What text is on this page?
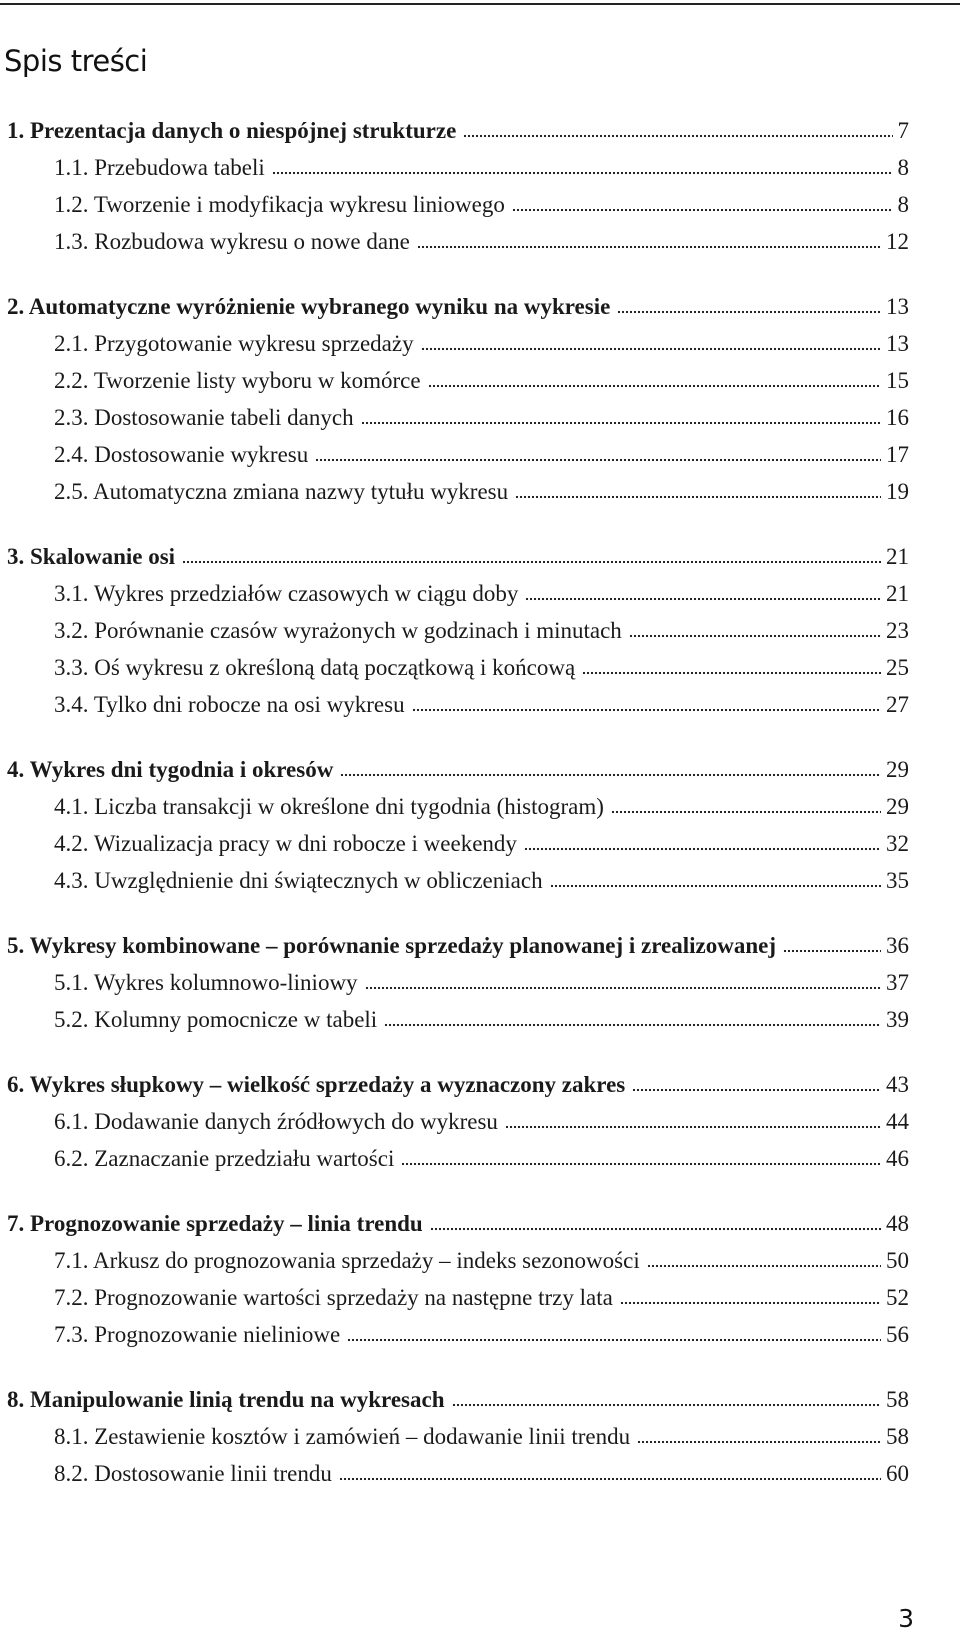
Spis treści
1. Prezentacja danych o niespójnej strukturze	7
1.1. Przebudowa tabeli	8
1.2. Tworzenie i modyfikacja wykresu liniowego	8
1.3. Rozbudowa wykresu o nowe dane	12
2. Automatyczne wyróżnienie wybranego wyniku na wykresie	13
2.1. Przygotowanie wykresu sprzedaży	13
2.2. Tworzenie listy wyboru w komórce	15
2.3. Dostosowanie tabeli danych	16
2.4. Dostosowanie wykresu	17
2.5. Automatyczna zmiana nazwy tytułu wykresu	19
3. Skalowanie osi	21
3.1. Wykres przedziałów czasowych w ciągu doby	21
3.2. Porównanie czasów wyrażonych w godzinach i minutach	23
3.3. Oś wykresu z określoną datą początkową i końcową	25
3.4. Tylko dni robocze na osi wykresu	27
4. Wykres dni tygodnia i okresów	29
4.1. Liczba transakcji w określone dni tygodnia (histogram)	29
4.2. Wizualizacja pracy w dni robocze i weekendy	32
4.3. Uwzględnienie dni świątecznych w obliczeniach	35
5. Wykresy kombinowane – porównanie sprzedaży planowanej i zrealizowanej	36
5.1. Wykres kolumnowo-liniowy	37
5.2. Kolumny pomocnicze w tabeli	39
6. Wykres słupkowy – wielkość sprzedaży a wyznaczony zakres	43
6.1. Dodawanie danych źródłowych do wykresu	44
6.2. Zaznaczanie przedziału wartości	46
7. Prognozowanie sprzedaży – linia trendu	48
7.1. Arkusz do prognozowania sprzedaży – indeks sezonowości	50
7.2. Prognozowanie wartości sprzedaży na następne trzy lata	52
7.3. Prognozowanie nieliniowe	56
8. Manipulowanie linią trendu na wykresach	58
8.1. Zestawienie kosztów i zamówień – dodawanie linii trendu	58
8.2. Dostosowanie linii trendu	60
3
